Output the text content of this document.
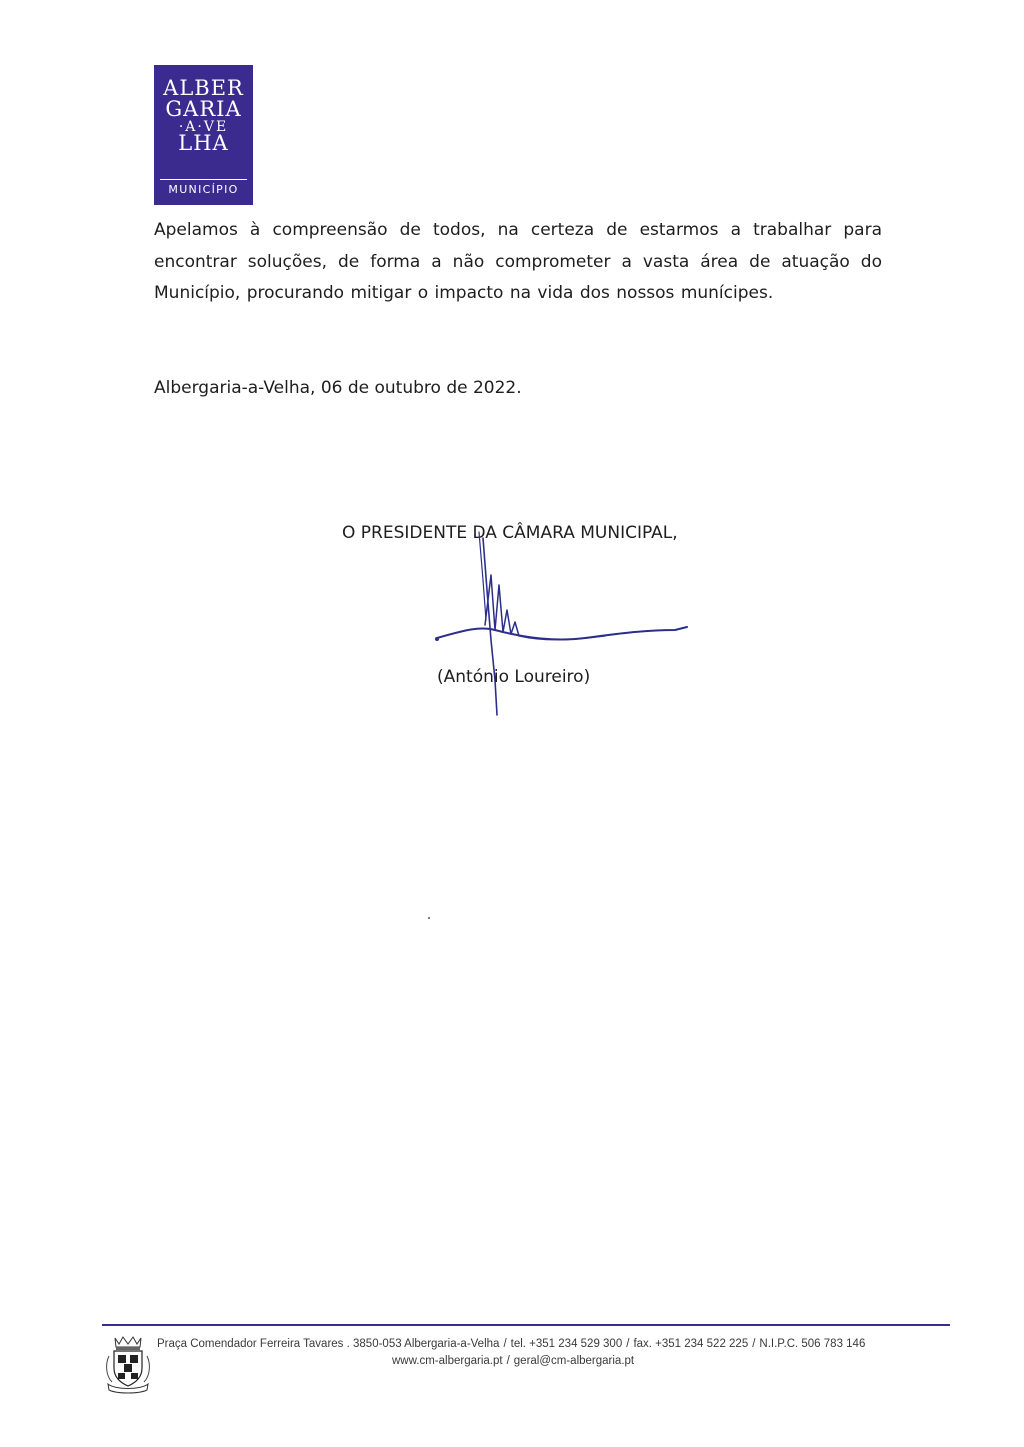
ALBER
GARIA
·A·VE
LHA
MUNICÍPIO

Apelamos à compreensão de todos, na certeza de estarmos a trabalhar para encontrar soluções, de forma a não comprometer a vasta área de atuação do Município, procurando mitigar o impacto na vida dos nossos munícipes.

Albergaria-a-Velha, 06 de outubro de 2022.

O PRESIDENTE DA CÂMARA MUNICIPAL,

(António Loureiro)

Praça Comendador Ferreira Tavares . 3850-053 Albergaria-a-Velha / tel. +351 234 529 300 / fax. +351 234 522 225 / N.I.P.C. 506 783 146

www.cm-albergaria.pt / geral@cm-albergaria.pt
